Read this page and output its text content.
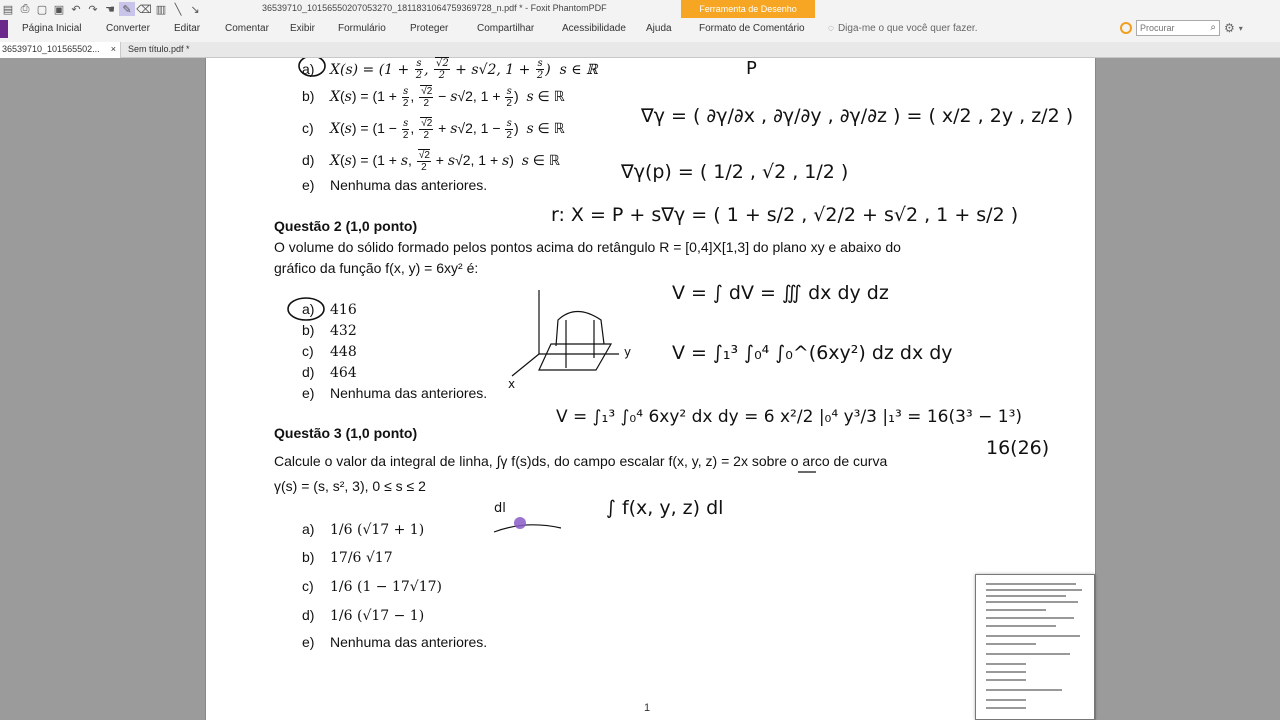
▤ ⎙ ▢ ▣ ↶ ↷ ☚ ✎ ⌫ ▥ ╲ ↘	36539710_10156550207053270_1811831064759369728_n.pdf * - Foxit PhantomPDF	Ferramenta de Desenho
Página Inicial Converter Editar Comentar Exibir Formulário Proteger	Compartilhar	Acessibilidade Ajuda	Formato de Comentário ◌ Diga-me o que você quer fazer.
Procurar	⌕ ⚙ ▾
36539710_101565502... × Sem título.pdf *
a) $X(s) = (1 + \frac{s}{2}$ , $\frac{√2}{2} + s√2$, $1 + \frac{s}{2}$ )  s ∈ ℝ
b) $X(s) = (1 + \frac{s}{2}$ , $\frac{√2}{2} - s√2$, $1 + \frac{s}{2}$ )  s ∈ ℝ
c) $X(s) = (1 - \frac{s}{2}$ , $\frac{√2}{2} + s√2$, $1 - \frac{s}{2}$ )  s ∈ ℝ
d) X(s) = (1 + s, $\frac{√2}{2} + s√2$, 1 + s)  s ∈ ℝ
e) Nenhuma das anteriores.
Questão 2 (1,0 ponto)
O volume do sólido formado pelos pontos acima do retângulo R = [0,4]X[1,3] do plano xy e abaixo do
gráfico da função f(x, y) = 6xy² é:
a) 416
b) 432
c) 448
d) 464
e) Nenhuma das anteriores.
Questão 3 (1,0 ponto)
Calcule o valor da integral de linha, ∫γ f(s)ds, do campo escalar f(x, y, z) = 2x sobre o arco de curva
γ(s) = (s, s², 3), 0 ≤ s ≤ 2
a) 1/6 (√17 + 1)
b) 17/6 √17
c) 1/6 (1 − 17√17)
d) 1/6 (√17 − 1)
e) Nenhuma das anteriores.
1
P
∇γ = ( ∂γ/∂x , ∂γ/∂y , ∂γ/∂z ) = ( x/2 , 2y , z/2 )
∇γ(p) = ( 1/2 , √2 , 1/2 )
r: X = P + s∇γ = ( 1 + s/2 , √2/2 + s√2 , 1 + s/2 )
V = ∫ dV = ∭ dx dy dz
V = ∫₁³ ∫₀⁴ ∫₀^(6xy²) dz dx dy
V = ∫₁³ ∫₀⁴ 6xy² dx dy = 6 x²/2 |₀⁴ y³/3 |₁³ = 16(3³ − 1³)
16(26)
∫ f(x, y, z) dl
dl
y
x
